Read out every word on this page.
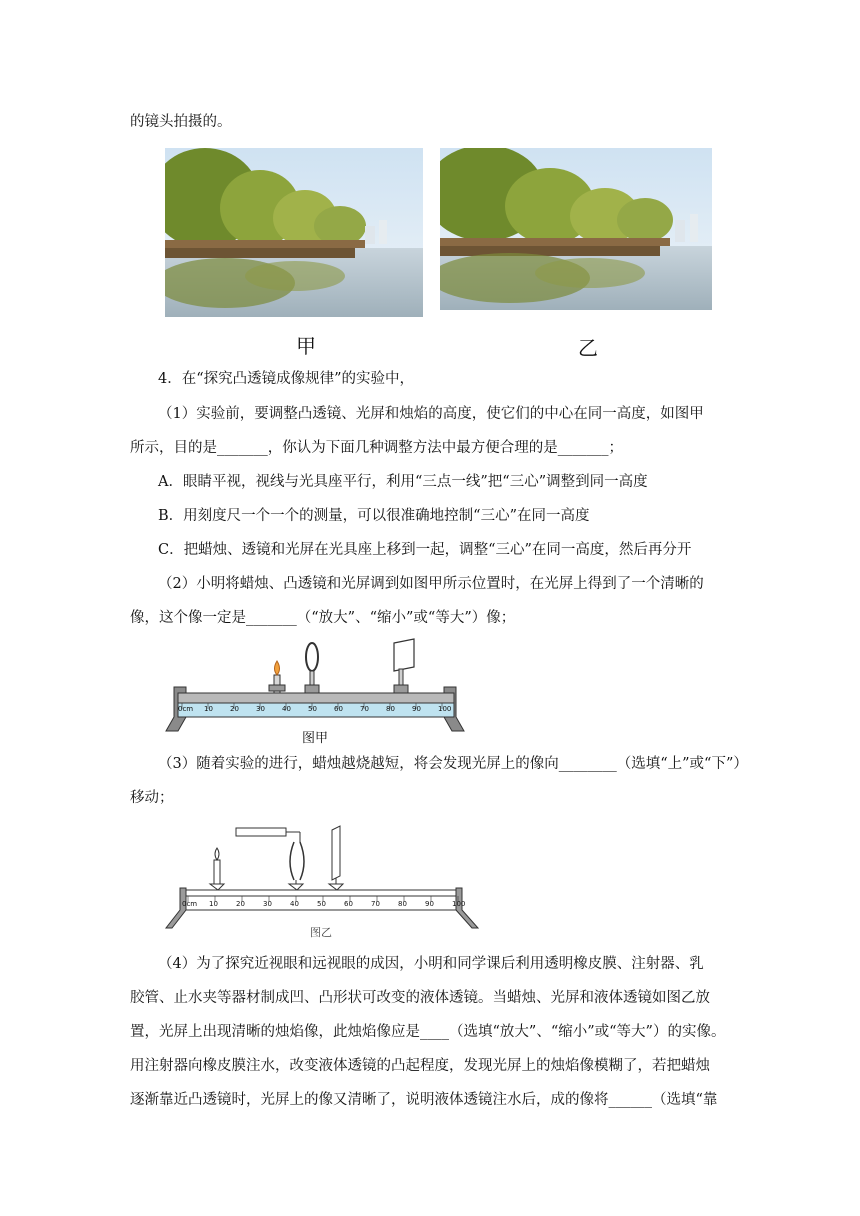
的镜头拍摄的。
甲	乙
4．在“探究凸透镜成像规律”的实验中，
（1）实验前，要调整凸透镜、光屏和烛焰的高度，使它们的中心在同一高度，如图甲
所示，目的是_______，你认为下面几种调整方法中最方便合理的是_______；
A．眼睛平视，视线与光具座平行，利用“三点一线”把“三心”调整到同一高度
B．用刻度尺一个一个的测量，可以很准确地控制“三心”在同一高度
C．把蜡烛、透镜和光屏在光具座上移到一起，调整“三心”在同一高度，然后再分开
（2）小明将蜡烛、凸透镜和光屏调到如图甲所示位置时，在光屏上得到了一个清晰的
像，这个像一定是_______（“放大”、“缩小”或“等大”）像；
0cm 10 20 30 40 50 60 70 80 90 100
图甲
（3）随着实验的进行，蜡烛越烧越短，将会发现光屏上的像向________（选填“上”或“下”）
移动；
图乙
0cm 10	20	30	40	50	60	70	80	90	100
（4）为了探究近视眼和远视眼的成因，小明和同学课后利用透明橡皮膜、注射器、乳
胶管、止水夹等器材制成凹、凸形状可改变的液体透镜。当蜡烛、光屏和液体透镜如图乙放
置，光屏上出现清晰的烛焰像，此烛焰像应是____（选填“放大”、“缩小”或“等大”）的实像。
用注射器向橡皮膜注水，改变液体透镜的凸起程度，发现光屏上的烛焰像模糊了，若把蜡烛
逐渐靠近凸透镜时，光屏上的像又清晰了，说明液体透镜注水后，成的像将______（选填“靠
